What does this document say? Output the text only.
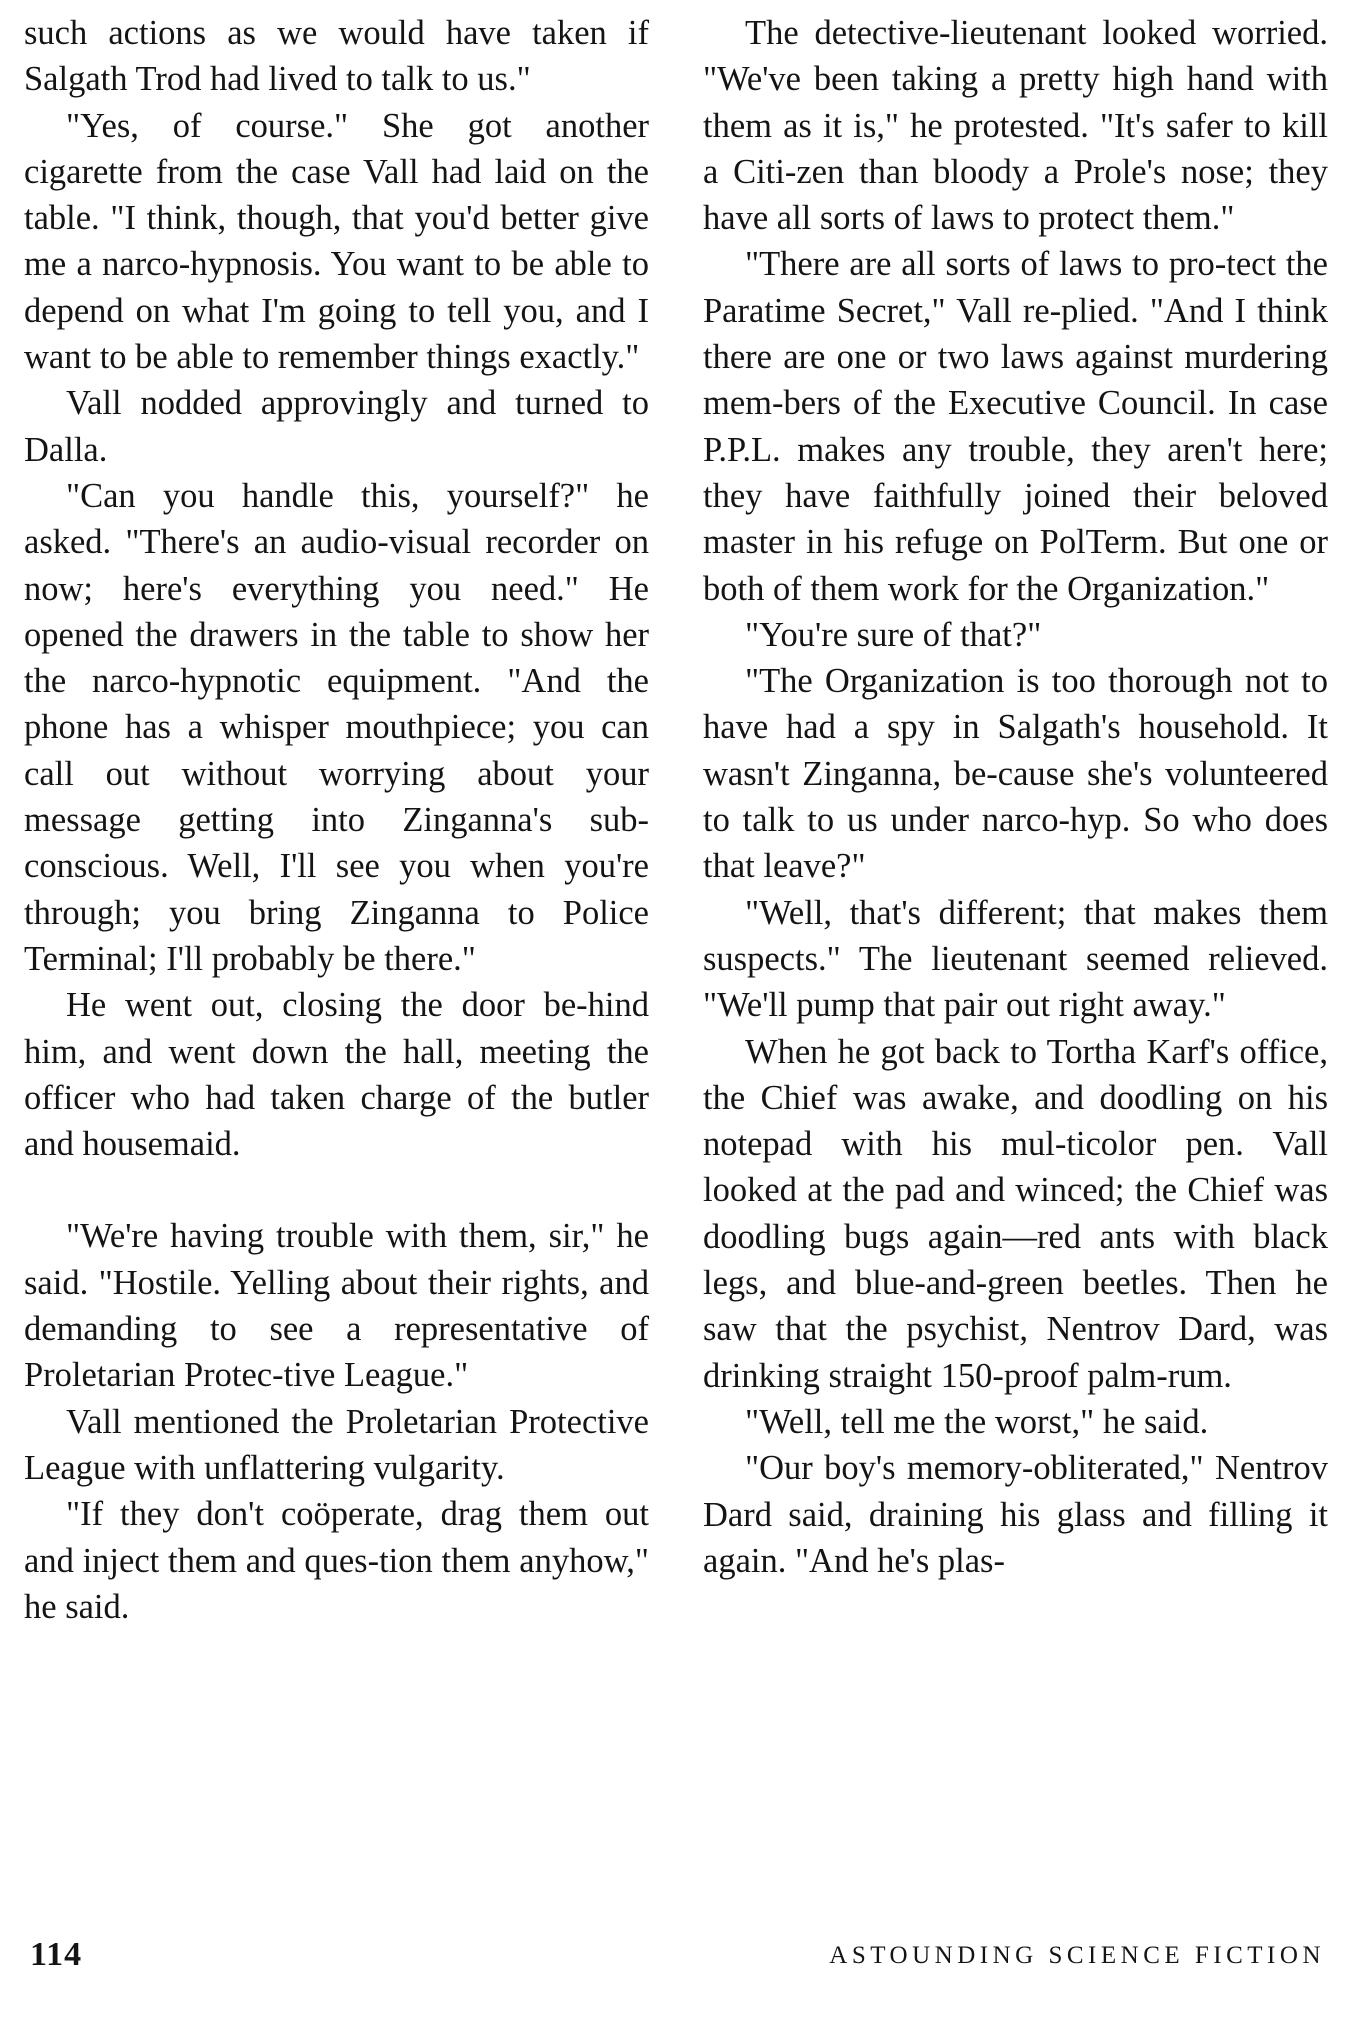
such actions as we would have taken if Salgath Trod had lived to talk to us."

"Yes, of course." She got another cigarette from the case Vall had laid on the table. "I think, though, that you'd better give me a narco-hypnosis. You want to be able to depend on what I'm going to tell you, and I want to be able to remember things exactly."

Vall nodded approvingly and turned to Dalla.

"Can you handle this, yourself?" he asked. "There's an audio-visual recorder on now; here's everything you need." He opened the drawers in the table to show her the narco-hypnotic equipment. "And the phone has a whisper mouthpiece; you can call out without worrying about your message getting into Zinganna's sub-conscious. Well, I'll see you when you're through; you bring Zinganna to Police Terminal; I'll probably be there."

He went out, closing the door be-hind him, and went down the hall, meeting the officer who had taken charge of the butler and housemaid.

"We're having trouble with them, sir," he said. "Hostile. Yelling about their rights, and demanding to see a representative of Proletarian Protec-tive League."

Vall mentioned the Proletarian Protective League with unflattering vulgarity.

"If they don't coöperate, drag them out and inject them and ques-tion them anyhow," he said.

The detective-lieutenant looked worried. "We've been taking a pretty high hand with them as it is," he protested. "It's safer to kill a Citi-zen than bloody a Prole's nose; they have all sorts of laws to protect them."

"There are all sorts of laws to pro-tect the Paratime Secret," Vall re-plied. "And I think there are one or two laws against murdering mem-bers of the Executive Council. In case P.P.L. makes any trouble, they aren't here; they have faithfully joined their beloved master in his refuge on PolTerm. But one or both of them work for the Organization."

"You're sure of that?"

"The Organization is too thorough not to have had a spy in Salgath's household. It wasn't Zinganna, be-cause she's volunteered to talk to us under narco-hyp. So who does that leave?"

"Well, that's different; that makes them suspects." The lieutenant seemed relieved. "We'll pump that pair out right away."

When he got back to Tortha Karf's office, the Chief was awake, and doodling on his notepad with his mul-ticolor pen. Vall looked at the pad and winced; the Chief was doodling bugs again—red ants with black legs, and blue-and-green beetles. Then he saw that the psychist, Nentrov Dard, was drinking straight 150-proof palm-rum.

"Well, tell me the worst," he said.

"Our boy's memory-obliterated," Nentrov Dard said, draining his glass and filling it again. "And he's plas-

114	ASTOUNDING SCIENCE FICTION
